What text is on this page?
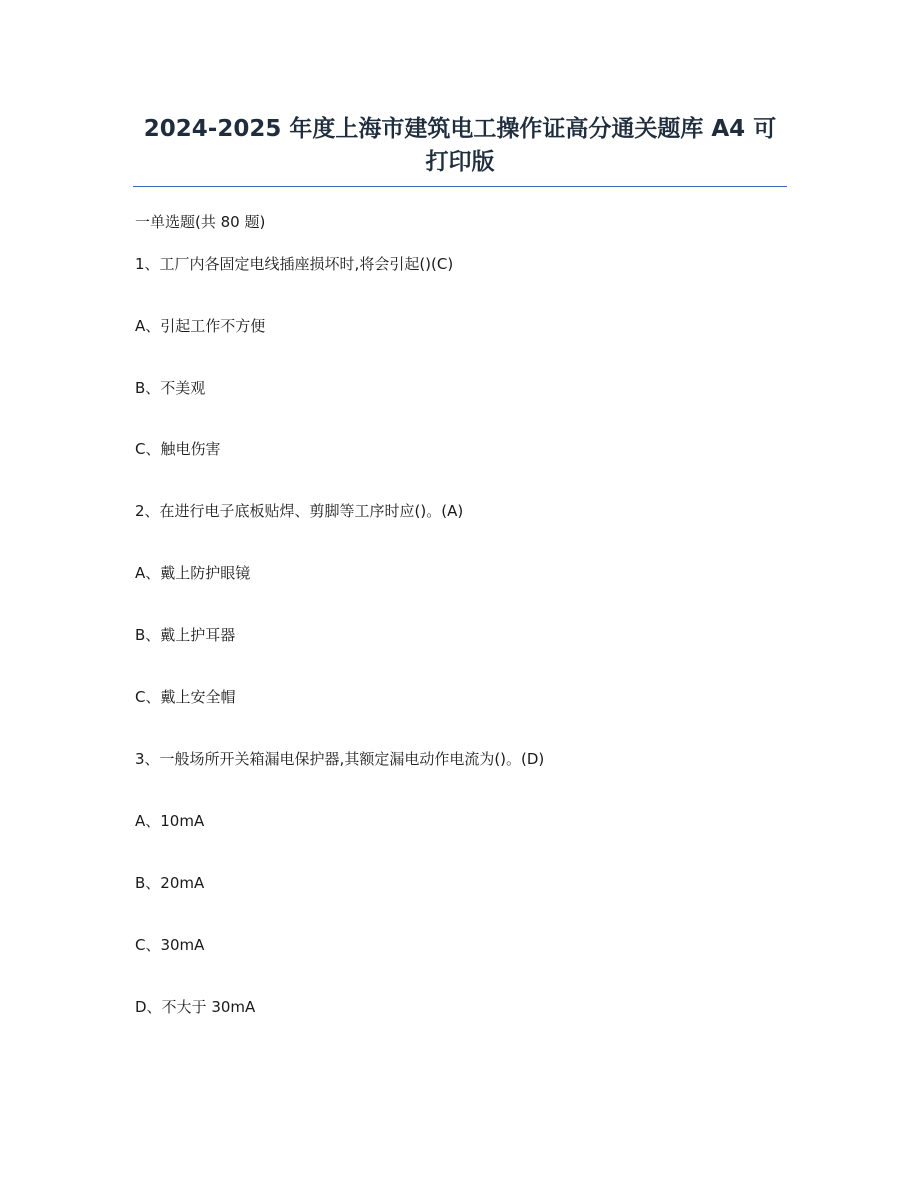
2024-2025 年度上海市建筑电工操作证高分通关题库 A4 可
打印版

一单选题(共 80 题)

1、工厂内各固定电线插座损坏时,将会引起()(C)

A、引起工作不方便

B、不美观

C、触电伤害

2、在进行电子底板贴焊、剪脚等工序时应()。(A)

A、戴上防护眼镜

B、戴上护耳器

C、戴上安全帽

3、一般场所开关箱漏电保护器,其额定漏电动作电流为()。(D)

A、10mA

B、20mA

C、30mA

D、不大于 30mA
